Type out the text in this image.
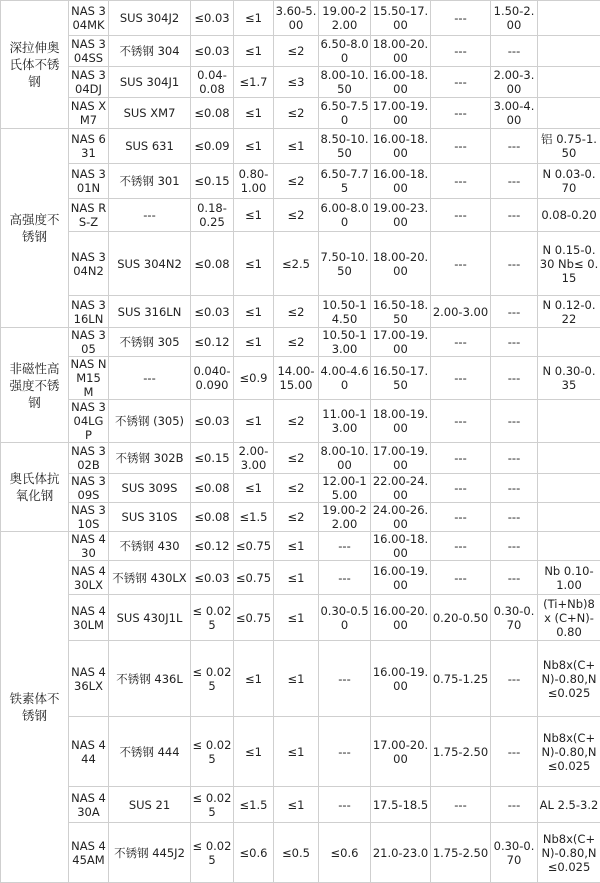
深拉伸奥氏体不锈钢	NAS 304MK	SUS 304J2	≤0.03	≤1	3.60-5.00	19.00-22.00	15.50-17.00	---	1.50-2.00	
	NAS 304SS	不锈钢 304	≤0.03	≤1	≤2	6.50-8.00	18.00-20.00	---	---	
	NAS 304DJ	SUS 304J1	0.04-0.08	≤1.7	≤3	8.00-10.50	16.00-18.00	---	2.00-3.00	
	NAS XM7	SUS XM7	≤0.08	≤1	≤2	6.50-7.50	17.00-19.00	---	3.00-4.00	
高强度不锈钢	NAS 631	SUS 631	≤0.09	≤1	≤1	8.50-10.50	16.00-18.00	---	---	铝 0.75-1.50
	NAS 301N	不锈钢 301	≤0.15	0.80-1.00	≤2	6.50-7.75	16.00-18.00	---	---	N 0.03-0.70
	NAS RS-Z	---	0.18-0.25	≤1	≤2	6.00-8.00	19.00-23.00	---	---	0.08-0.20
	NAS 304N2	SUS 304N2	≤0.08	≤1	≤2.5	7.50-10.50	18.00-20.00	---	---	N 0.15-0.30 Nb≤ 0.15
	NAS 316LN	SUS 316LN	≤0.03	≤1	≤2	10.50-14.50	16.50-18.50	2.00-3.00	---	N 0.12-0.22
非磁性高强度不锈钢	NAS 305	不锈钢 305	≤0.12	≤1	≤2	10.50-13.00	17.00-19.00	---	---	
	NAS NM15 M	---	0.040-0.090	≤0.9	14.00-15.00	4.00-4.60	16.50-17.50	---	---	N 0.30-0.35
	NAS 304LG P	不锈钢 (305)	≤0.03	≤1	≤2	11.00-13.00	18.00-19.00	---	---	
奥氏体抗氧化钢	NAS 302B	不锈钢 302B	≤0.15	2.00-3.00	≤2	8.00-10.00	17.00-19.00	---	---	
	NAS 309S	SUS 309S	≤0.08	≤1	≤2	12.00-15.00	22.00-24.00	---	---	
	NAS 310S	SUS 310S	≤0.08	≤1.5	≤2	19.00-22.00	24.00-26.00	---	---	
铁素体不锈钢	NAS 430	不锈钢 430	≤0.12	≤0.75	≤1	---	16.00-18.00	---	---	
	NAS 430LX	不锈钢 430LX	≤0.03	≤0.75	≤1	---	16.00-19.00	---	---	Nb 0.10-1.00
	NAS 430LM	SUS 430J1L	≤ 0.025	≤0.75	≤1	0.30-0.50	16.00-20.00	0.20-0.50	0.30-0.70	(Ti+Nb)8 x (C+N)-0.80
	NAS 436LX	不锈钢 436L	≤ 0.025	≤1	≤1	---	16.00-19.00	0.75-1.25	---	Nb8x(C+N)-0.80,N ≤0.025
	NAS 444	不锈钢 444	≤ 0.025	≤1	≤1	---	17.00-20.00	1.75-2.50	---	Nb8x(C+N)-0.80,N ≤0.025
	NAS 430A	SUS 21	≤ 0.025	≤1.5	≤1	---	17.5-18.5	---	---	AL 2.5-3.2
	NAS 445AM	不锈钢 445J2	≤ 0.025	≤0.6	≤0.5	≤0.6	21.0-23.0	1.75-2.50	0.30-0.70	Nb8x(C+N)-0.80,N ≤0.025
